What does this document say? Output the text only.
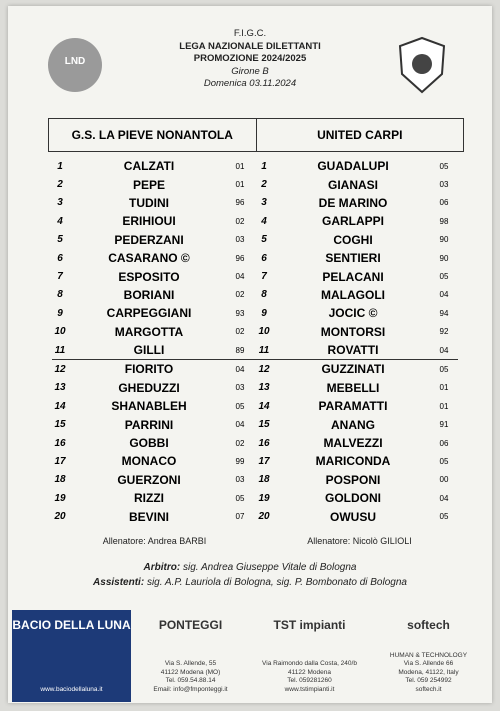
LND
F.I.G.C.
LEGA NAZIONALE DILETTANTI
PROMOZIONE 2024/2025
Girone B
Domenica 03.11.2024
G.S. LA PIEVE NONANTOLA	UNITED CARPI
1	CALZATI	01	1	GUADALUPI	05
2	PEPE	01	2	GIANASI	03
3	TUDINI	96	3	DE MARINO	06
4	ERIHIOUI	02	4	GARLAPPI	98
5	PEDERZANI	03	5	COGHI	90
6	CASARANO ©	96	6	SENTIERI	90
7	ESPOSITO	04	7	PELACANI	05
8	BORIANI	02	8	MALAGOLI	04
9	CARPEGGIANI	93	9	JOCIC ©	94
10	MARGOTTA	02	10	MONTORSI	92
11	GILLI	89	11	ROVATTI	04
12	FIORITO	04	12	GUZZINATI	05
13	GHEDUZZI	03	13	MEBELLI	01
14	SHANABLEH	05	14	PARAMATTI	01
15	PARRINI	04	15	ANANG	91
16	GOBBI	02	16	MALVEZZI	06
17	MONACO	99	17	MARICONDA	05
18	GUERZONI	03	18	POSPONI	00
19	RIZZI	05	19	GOLDONI	04
20	BEVINI	07	20	OWUSU	05
Allenatore: Andrea BARBI	Allenatore: Nicolò GILIOLI
Arbitro: sig. Andrea Giuseppe Vitale di Bologna
Assistenti: sig. A.P. Lauriola di Bologna, sig. P. Bombonato di Bologna
BACIO DELLA LUNA
www.baciodellaluna.it
PONTEGGI
Via S. Allende, 55
41122 Modena (MO)
Tel. 059.54.88.14
Email: info@fmponteggi.it
TST impianti
Via Raimondo dalla Costa, 240/b
41122 Modena
Tel. 059281260
www.tstimpianti.it
softech
HUMAN & TECHNOLOGY
Via S. Allende 66
Modena, 41122, Italy
Tel. 059 254992
softech.it
